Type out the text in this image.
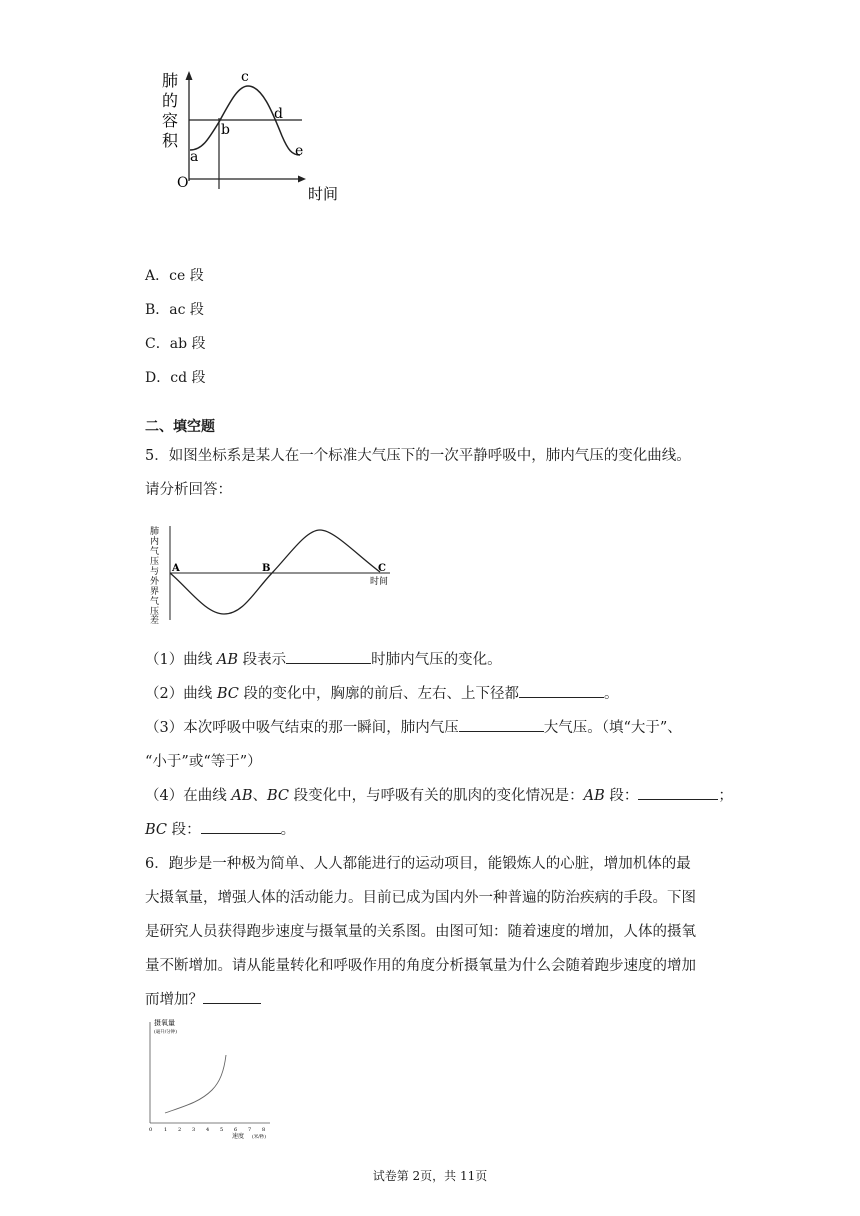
肺
的
容
积
O
时间
a
b
c
d
e
A．ce 段
B．ac 段
C．ab 段
D．cd 段
二、填空题
5．如图坐标系是某人在一个标准大气压下的一次平静呼吸中，肺内气压的变化曲线。
请分析回答：
肺
内
气
压
与
外
界
气
压
差
A	B	C
时间
（1）曲线 AB 段表示	时肺内气压的变化。
（2）曲线 BC 段的变化中，胸廓的前后、左右、上下径都	。
（3）本次呼吸中吸气结束的那一瞬间，肺内气压	大气压。（填“大于”、
“小于”或“等于”）
（4）在曲线 AB、BC 段变化中，与呼吸有关的肌肉的变化情况是：AB 段：	；
BC 段：	。
6．跑步是一种极为简单、人人都能进行的运动项目，能锻炼人的心脏，增加机体的最
大摄氧量，增强人体的活动能力。目前已成为国内外一种普遍的防治疾病的手段。下图
是研究人员获得跑步速度与摄氧量的关系图。由图可知：随着速度的增加，人体的摄氧
量不断增加。请从能量转化和呼吸作用的角度分析摄氧量为什么会随着跑步速度的增加
而增加？
摄氧量
(毫升/分钟)
0 1 2 3 4 5 6 7 8
速度 (米/秒)
试卷第 2页，共 11页
